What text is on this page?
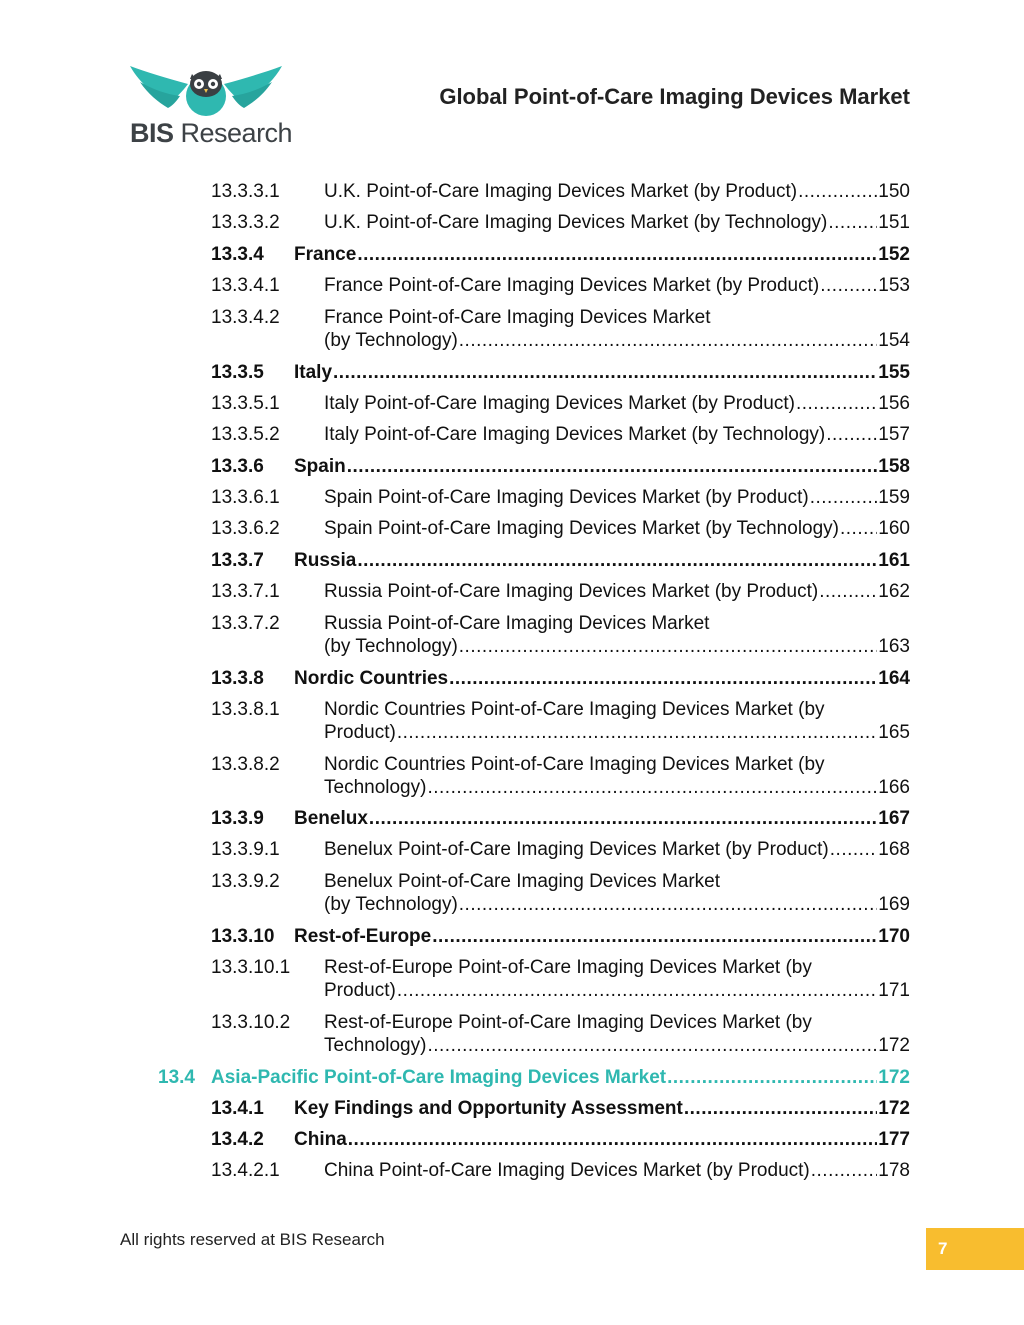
BIS Research
Global Point-of-Care Imaging Devices Market
13.3.3.1 U.K. Point-of-Care Imaging Devices Market (by Product) .....	150
13.3.3.2 U.K. Point-of-Care Imaging Devices Market (by Technology) .....	151
13.3.4 France .....	152
13.3.4.1 France Point-of-Care Imaging Devices Market (by Product) .....	153
13.3.4.2 France Point-of-Care Imaging Devices Market
(by Technology) .....	154
13.3.5 Italy .....	155
13.3.5.1 Italy Point-of-Care Imaging Devices Market (by Product) .....	156
13.3.5.2 Italy Point-of-Care Imaging Devices Market (by Technology) .....	157
13.3.6 Spain .....	158
13.3.6.1 Spain Point-of-Care Imaging Devices Market (by Product) .....	159
13.3.6.2 Spain Point-of-Care Imaging Devices Market (by Technology) ..... 160
13.3.7 Russia .....	161
13.3.7.1 Russia Point-of-Care Imaging Devices Market (by Product) .....	162
13.3.7.2 Russia Point-of-Care Imaging Devices Market
(by Technology) .....	163
13.3.8 Nordic Countries .....	164
13.3.8.1 Nordic Countries Point-of-Care Imaging Devices Market (by
Product) .....	165
13.3.8.2 Nordic Countries Point-of-Care Imaging Devices Market (by
Technology) .....	166
13.3.9 Benelux .....	167
13.3.9.1 Benelux Point-of-Care Imaging Devices Market (by Product) .....	168
13.3.9.2 Benelux Point-of-Care Imaging Devices Market
(by Technology) .....	169
13.3.10 Rest-of-Europe .....	170
13.3.10.1 Rest-of-Europe Point-of-Care Imaging Devices Market (by
Product) .....	171
13.3.10.2 Rest-of-Europe Point-of-Care Imaging Devices Market (by
Technology) .....	172
13.4 Asia-Pacific Point-of-Care Imaging Devices Market .....	172
13.4.1 Key Findings and Opportunity Assessment .....	172
13.4.2 China .....	177
13.4.2.1 China Point-of-Care Imaging Devices Market (by Product) .....	178
All rights reserved at BIS Research	7
